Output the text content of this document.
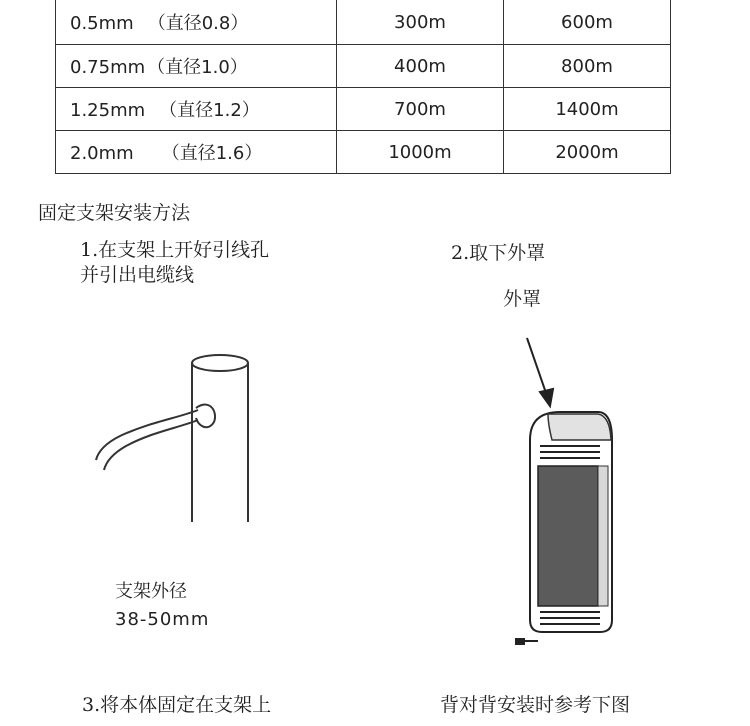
0.5mm （直径0.8）	300m	600m
0.75mm （直径1.0）	400m	800m
1.25mm （直径1.2）	700m	1400m
2.0mm （直径1.6）	1000m	2000m
固定支架安装方法
1.在支架上开好引线孔
并引出电缆线
2.取下外罩
外罩
支架外径
38-50mm
3.将本体固定在支架上	背对背安装时参考下图
